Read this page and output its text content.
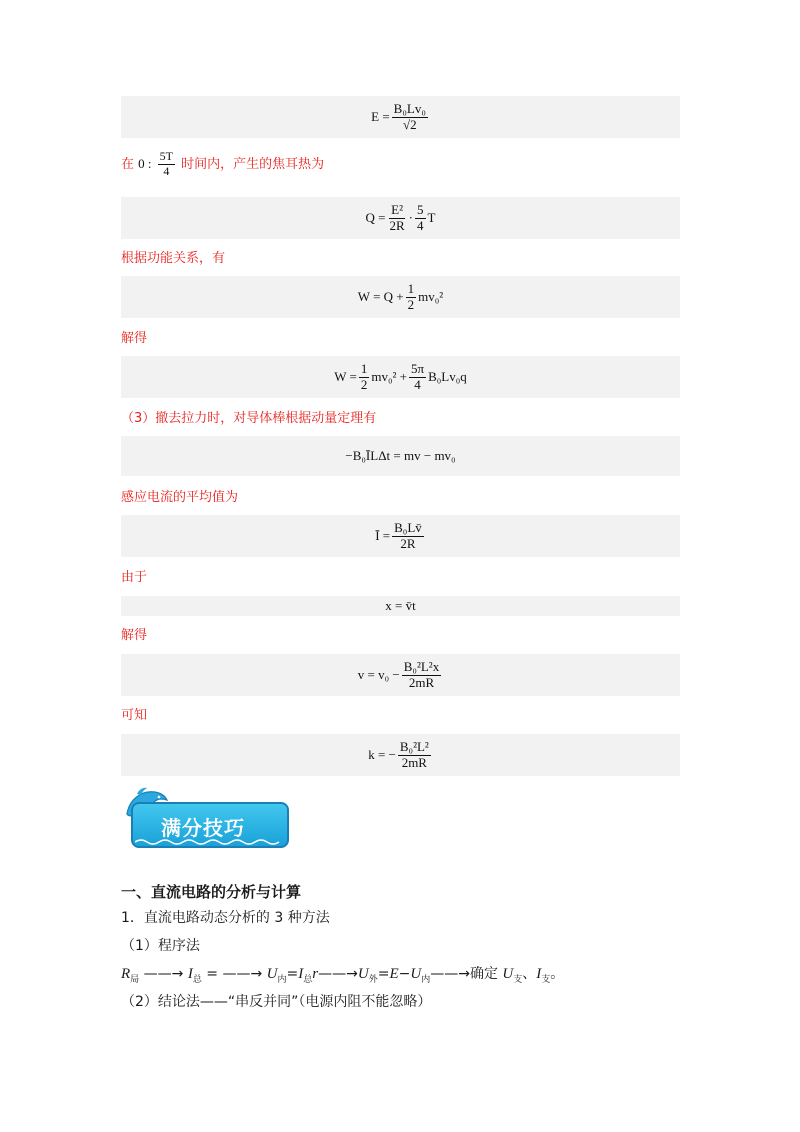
$E = \frac{\text{B₀Lv₀}}{√2}$
在 0 : $\frac{5T}{4}$ 时间内，产生的焦耳热为
$Q = \frac{\text{E²}}{2R} \cdot \frac{5}{4}$ T
根据功能关系，有
$W = Q + \frac{1}{2} mv_0^2$
解得
$W = \frac{1}{2} mv_0^2 + \frac{5\pi}{4} B_0Lv_0q$
（3）撤去拉力时，对导体棒根据动量定理有
−B₀ĪLΔt = mv − mv₀
感应电流的平均值为
Ī = $\frac{\text{B₀Lv̄}}{2R}$
由于
x = v̄t
解得
$v = v_0 - \frac{\text{B₀²L²x}}{2mR}$
可知
k = − $\frac{\text{B₀²L²}}{2mR}$
满分技巧
一、直流电路的分析与计算
1．直流电路动态分析的 3 种方法
（1）程序法
$R_局$ ——→ $I_总$ = ——→ $U_内=I_总r——\to U_外=E-U_内——\to$确定 $U_支$、$I_支$。
（2）结论法——“串反并同”（电源内阻不能忽略）
